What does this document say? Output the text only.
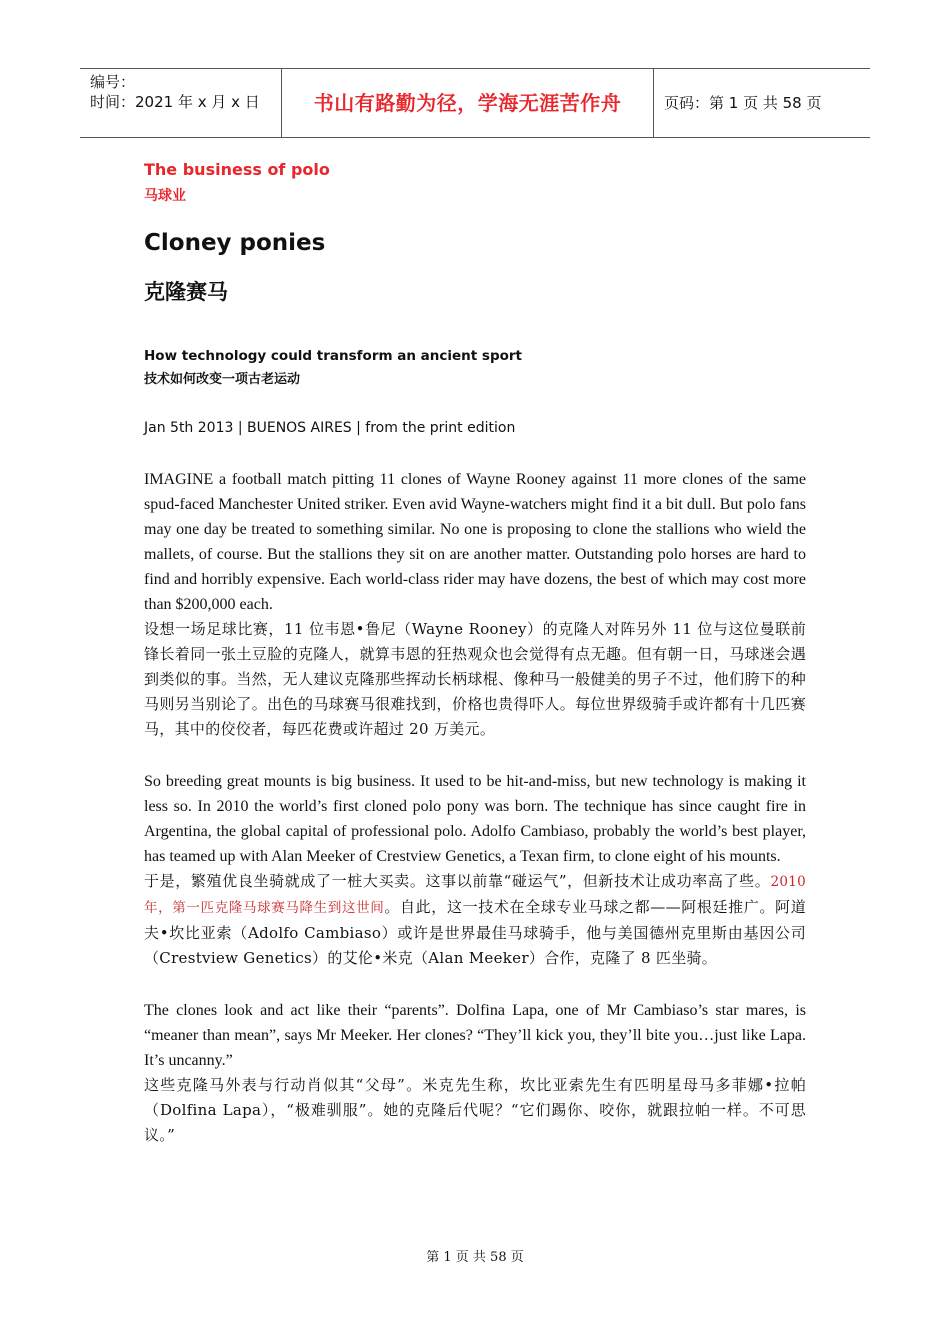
编号：
时间：2021 年 x 月 x 日	书山有路勤为径，学海无涯苦作舟	页码：第 1 页 共 58 页
The business of polo
马球业
Cloney ponies
克隆赛马
How technology could transform an ancient sport
技术如何改变一项古老运动
Jan 5th 2013 | BUENOS AIRES | from the print edition
IMAGINE a football match pitting 11 clones of Wayne Rooney against 11 more clones of the same spud-faced Manchester United striker. Even avid Wayne-watchers might find it a bit dull. But polo fans may one day be treated to something similar. No one is proposing to clone the stallions who wield the mallets, of course. But the stallions they sit on are another matter. Outstanding polo horses are hard to find and horribly expensive. Each world-class rider may have dozens, the best of which may cost more than $200,000 each.
设想一场足球比赛，11 位韦恩•鲁尼（Wayne Rooney）的克隆人对阵另外 11 位与这位曼联前锋长着同一张土豆脸的克隆人，就算韦恩的狂热观众也会觉得有点无趣。但有朝一日，马球迷会遇到类似的事。当然，无人建议克隆那些挥动长柄球棍、像种马一般健美的男子不过，他们胯下的种马则另当别论了。出色的马球赛马很难找到，价格也贵得吓人。每位世界级骑手或许都有十几匹赛马，其中的佼佼者，每匹花费或许超过 20 万美元。
So breeding great mounts is big business. It used to be hit-and-miss, but new technology is making it less so. In 2010 the world’s first cloned polo pony was born. The technique has since caught fire in Argentina, the global capital of professional polo. Adolfo Cambiaso, probably the world’s best player, has teamed up with Alan Meeker of Crestview Genetics, a Texan firm, to clone eight of his mounts.
于是，繁殖优良坐骑就成了一桩大买卖。这事以前靠“碰运气”，但新技术让成功率高了些。2010 年，第一匹克隆马球赛马降生到这世间。自此，这一技术在全球专业马球之都——阿根廷推广。阿道夫•坎比亚索（Adolfo Cambiaso）或许是世界最佳马球骑手，他与美国德州克里斯由基因公司（Crestview Genetics）的艾伦•米克（Alan Meeker）合作，克隆了 8 匹坐骑。
The clones look and act like their “parents”. Dolfina Lapa, one of Mr Cambiaso’s star mares, is “meaner than mean”, says Mr Meeker. Her clones? “They’ll kick you, they’ll bite you…just like Lapa. It’s uncanny.”
这些克隆马外表与行动肖似其“父母”。米克先生称，坎比亚索先生有匹明星母马多菲娜•拉帕（Dolfina Lapa），“极难驯服”。她的克隆后代呢？“它们踢你、咬你，就跟拉帕一样。不可思议。”
第 1 页 共 58 页
